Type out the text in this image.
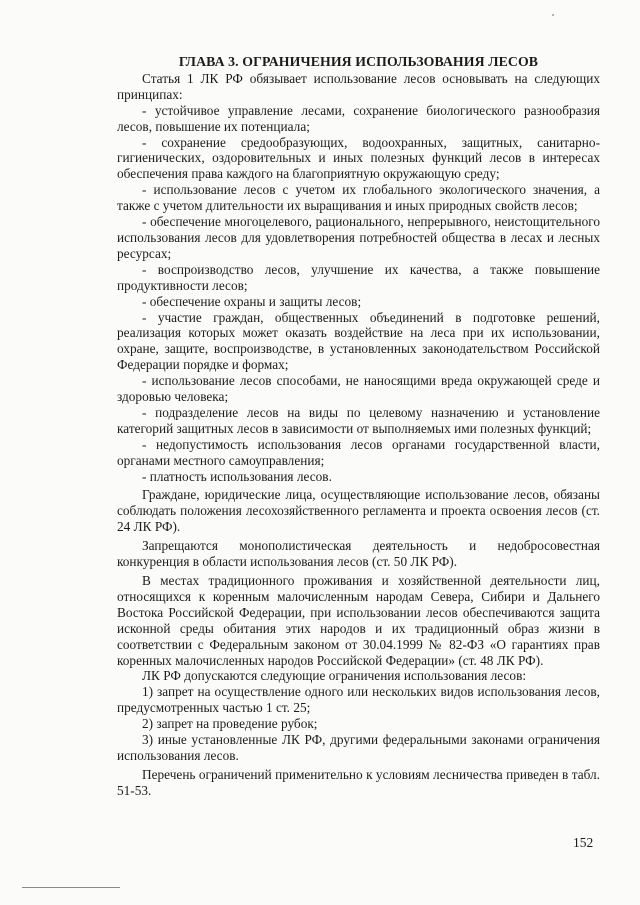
ГЛАВА 3. ОГРАНИЧЕНИЯ ИСПОЛЬЗОВАНИЯ ЛЕСОВ

Статья 1 ЛК РФ обязывает использование лесов основывать на следующих принципах:

- устойчивое управление лесами, сохранение биологического разнообразия лесов, повышение их потенциала;

- сохранение средообразующих, водоохранных, защитных, санитарно-гигиенических, оздоровительных и иных полезных функций лесов в интересах обеспечения права каждого на благоприятную окружающую среду;

- использование лесов с учетом их глобального экологического значения, а также с учетом длительности их выращивания и иных природных свойств лесов;

- обеспечение многоцелевого, рационального, непрерывного, неистощительного использования лесов для удовлетворения потребностей общества в лесах и лесных ресурсах;

- воспроизводство лесов, улучшение их качества, а также повышение продуктивности лесов;

- обеспечение охраны и защиты лесов;

- участие граждан, общественных объединений в подготовке решений, реализация которых может оказать воздействие на леса при их использовании, охране, защите, воспроизводстве, в установленных законодательством Российской Федерации порядке и формах;

- использование лесов способами, не наносящими вреда окружающей среде и здоровью человека;

- подразделение лесов на виды по целевому назначению и установление категорий защитных лесов в зависимости от выполняемых ими полезных функций;

- недопустимость использования лесов органами государственной власти, органами местного самоуправления;

- платность использования лесов.

Граждане, юридические лица, осуществляющие использование лесов, обязаны соблюдать положения лесохозяйственного регламента и проекта освоения лесов (ст. 24 ЛК РФ).

Запрещаются монополистическая деятельность и недобросовестная конкуренция в области использования лесов (ст. 50 ЛК РФ).

В местах традиционного проживания и хозяйственной деятельности лиц, относящихся к коренным малочисленным народам Севера, Сибири и Дальнего Востока Российской Федерации, при использовании лесов обеспечиваются защита исконной среды обитания этих народов и их традиционный образ жизни в соответствии с Федеральным законом от 30.04.1999 № 82-ФЗ «О гарантиях прав коренных малочисленных народов Российской Федерации» (ст. 48 ЛК РФ).

ЛК РФ допускаются следующие ограничения использования лесов:

1) запрет на осуществление одного или нескольких видов использования лесов, предусмотренных частью 1 ст. 25;

2) запрет на проведение рубок;

3) иные установленные ЛК РФ, другими федеральными законами ограничения использования лесов.

Перечень ограничений применительно к условиям лесничества приведен в табл. 51-53.

152
